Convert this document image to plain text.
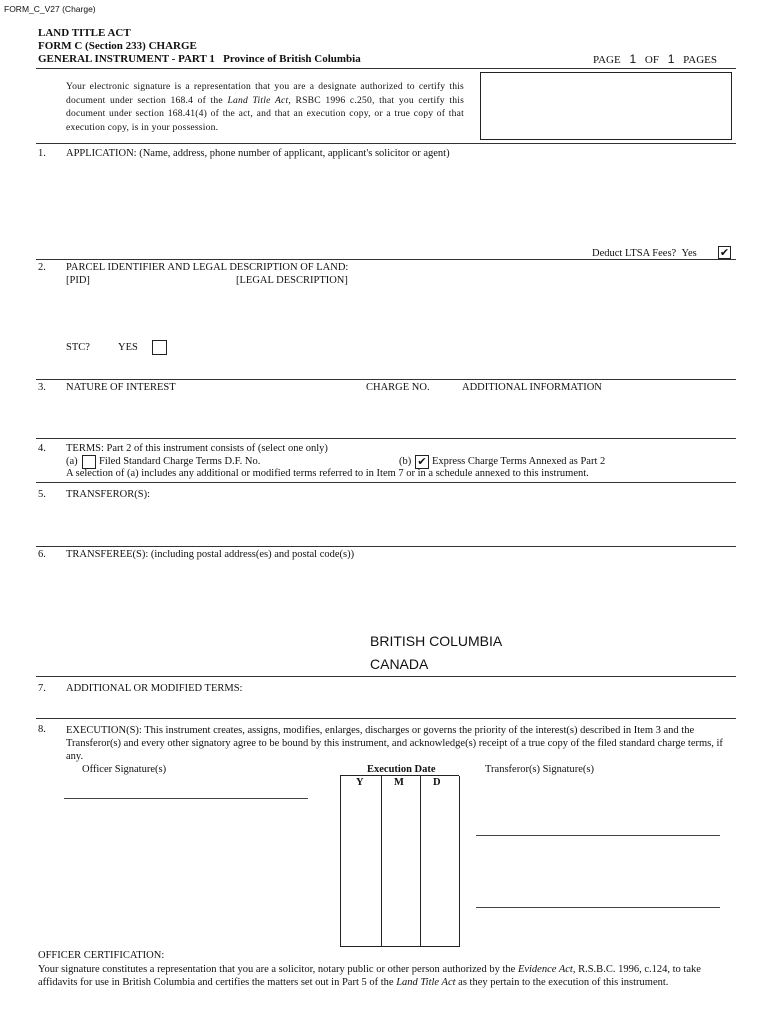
FORM_C_V27 (Charge)
LAND TITLE ACT
FORM C (Section 233) CHARGE
GENERAL INSTRUMENT - PART 1 Province of British Columbia	PAGE 1 OF 1 PAGES
Your electronic signature is a representation that you are a designate authorized to certify this document under section 168.4 of the Land Title Act, RSBC 1996 c.250, that you certify this document under section 168.41(4) of the act, and that an execution copy, or a true copy of that execution copy, is in your possession.
1. APPLICATION: (Name, address, phone number of applicant, applicant's solicitor or agent)
Deduct LTSA Fees? Yes ✔
2. PARCEL IDENTIFIER AND LEGAL DESCRIPTION OF LAND:
[PID]	[LEGAL DESCRIPTION]
STC?	YES
3. NATURE OF INTEREST	CHARGE NO.	ADDITIONAL INFORMATION
4. TERMS: Part 2 of this instrument consists of (select one only)
(a) Filed Standard Charge Terms D.F. No.	(b) ✔ Express Charge Terms Annexed as Part 2
A selection of (a) includes any additional or modified terms referred to in Item 7 or in a schedule annexed to this instrument.
5. TRANSFEROR(S):
6. TRANSFEREE(S): (including postal address(es) and postal code(s))
BRITISH COLUMBIA
CANADA
7. ADDITIONAL OR MODIFIED TERMS:
8. EXECUTION(S): This instrument creates, assigns, modifies, enlarges, discharges or governs the priority of the interest(s) described in Item 3 and the Transferor(s) and every other signatory agree to be bound by this instrument, and acknowledge(s) receipt of a true copy of the filed standard charge terms, if any.
Officer Signature(s)	Execution Date	Transferor(s) Signature(s)
Y	M	D
OFFICER CERTIFICATION:
Your signature constitutes a representation that you are a solicitor, notary public or other person authorized by the Evidence Act, R.S.B.C. 1996, c.124, to take affidavits for use in British Columbia and certifies the matters set out in Part 5 of the Land Title Act as they pertain to the execution of this instrument.
